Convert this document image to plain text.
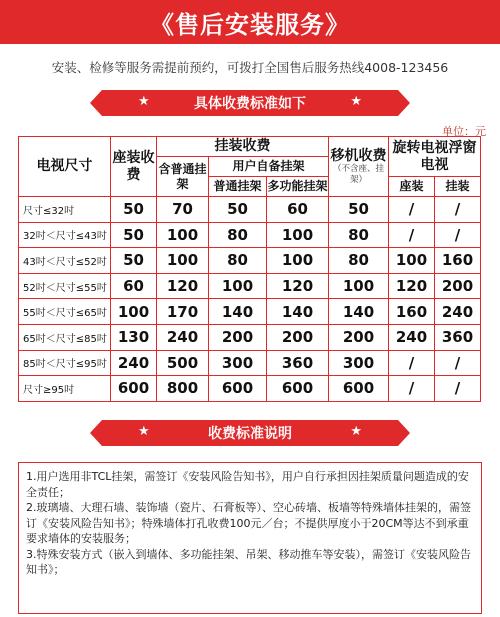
《售后安装服务》
安装、检修等服务需提前预约，可拨打全国售后服务热线4008-123456
★	具体收费标准如下	★
单位：元
电视尺寸	座装收费	挂装收费			移机收费
（不含座、挂架）	旋转电视浮窗电视	
		含普通挂架	用户自备挂架				
			普通挂架	多功能挂架		座装	挂装
尺寸≤32吋	50	70	50	60	50	/	/
32吋＜尺寸≤43吋	50	100	80	100	80	/	/
43吋＜尺寸≤52吋	50	100	80	100	80	100	160
52吋＜尺寸≤55吋	60	120	100	120	100	120	200
55吋＜尺寸≤65吋	100	170	140	140	140	160	240
65吋＜尺寸≤85吋	130	240	200	200	200	240	360
85吋＜尺寸≤95吋	240	500	300	360	300	/	/
尺寸≥95吋	600	800	600	600	600	/	/
★	收费标准说明	★

1.用户选用非TCL挂架，需签订《安装风险告知书》，用户自行承担因挂架质量问题造成的安全责任；

2.玻璃墙、大理石墙、装饰墙（瓷片、石膏板等）、空心砖墙、板墙等特殊墙体挂架的，需签订《安装风险告知书》；特殊墙体打孔收费100元／台；不提供厚度小于20CM等达不到承重要求墙体的安装服务；

3.特殊安装方式（嵌入到墙体、多功能挂架、吊架、移动推车等安装），需签订《安装风险告知书》；
